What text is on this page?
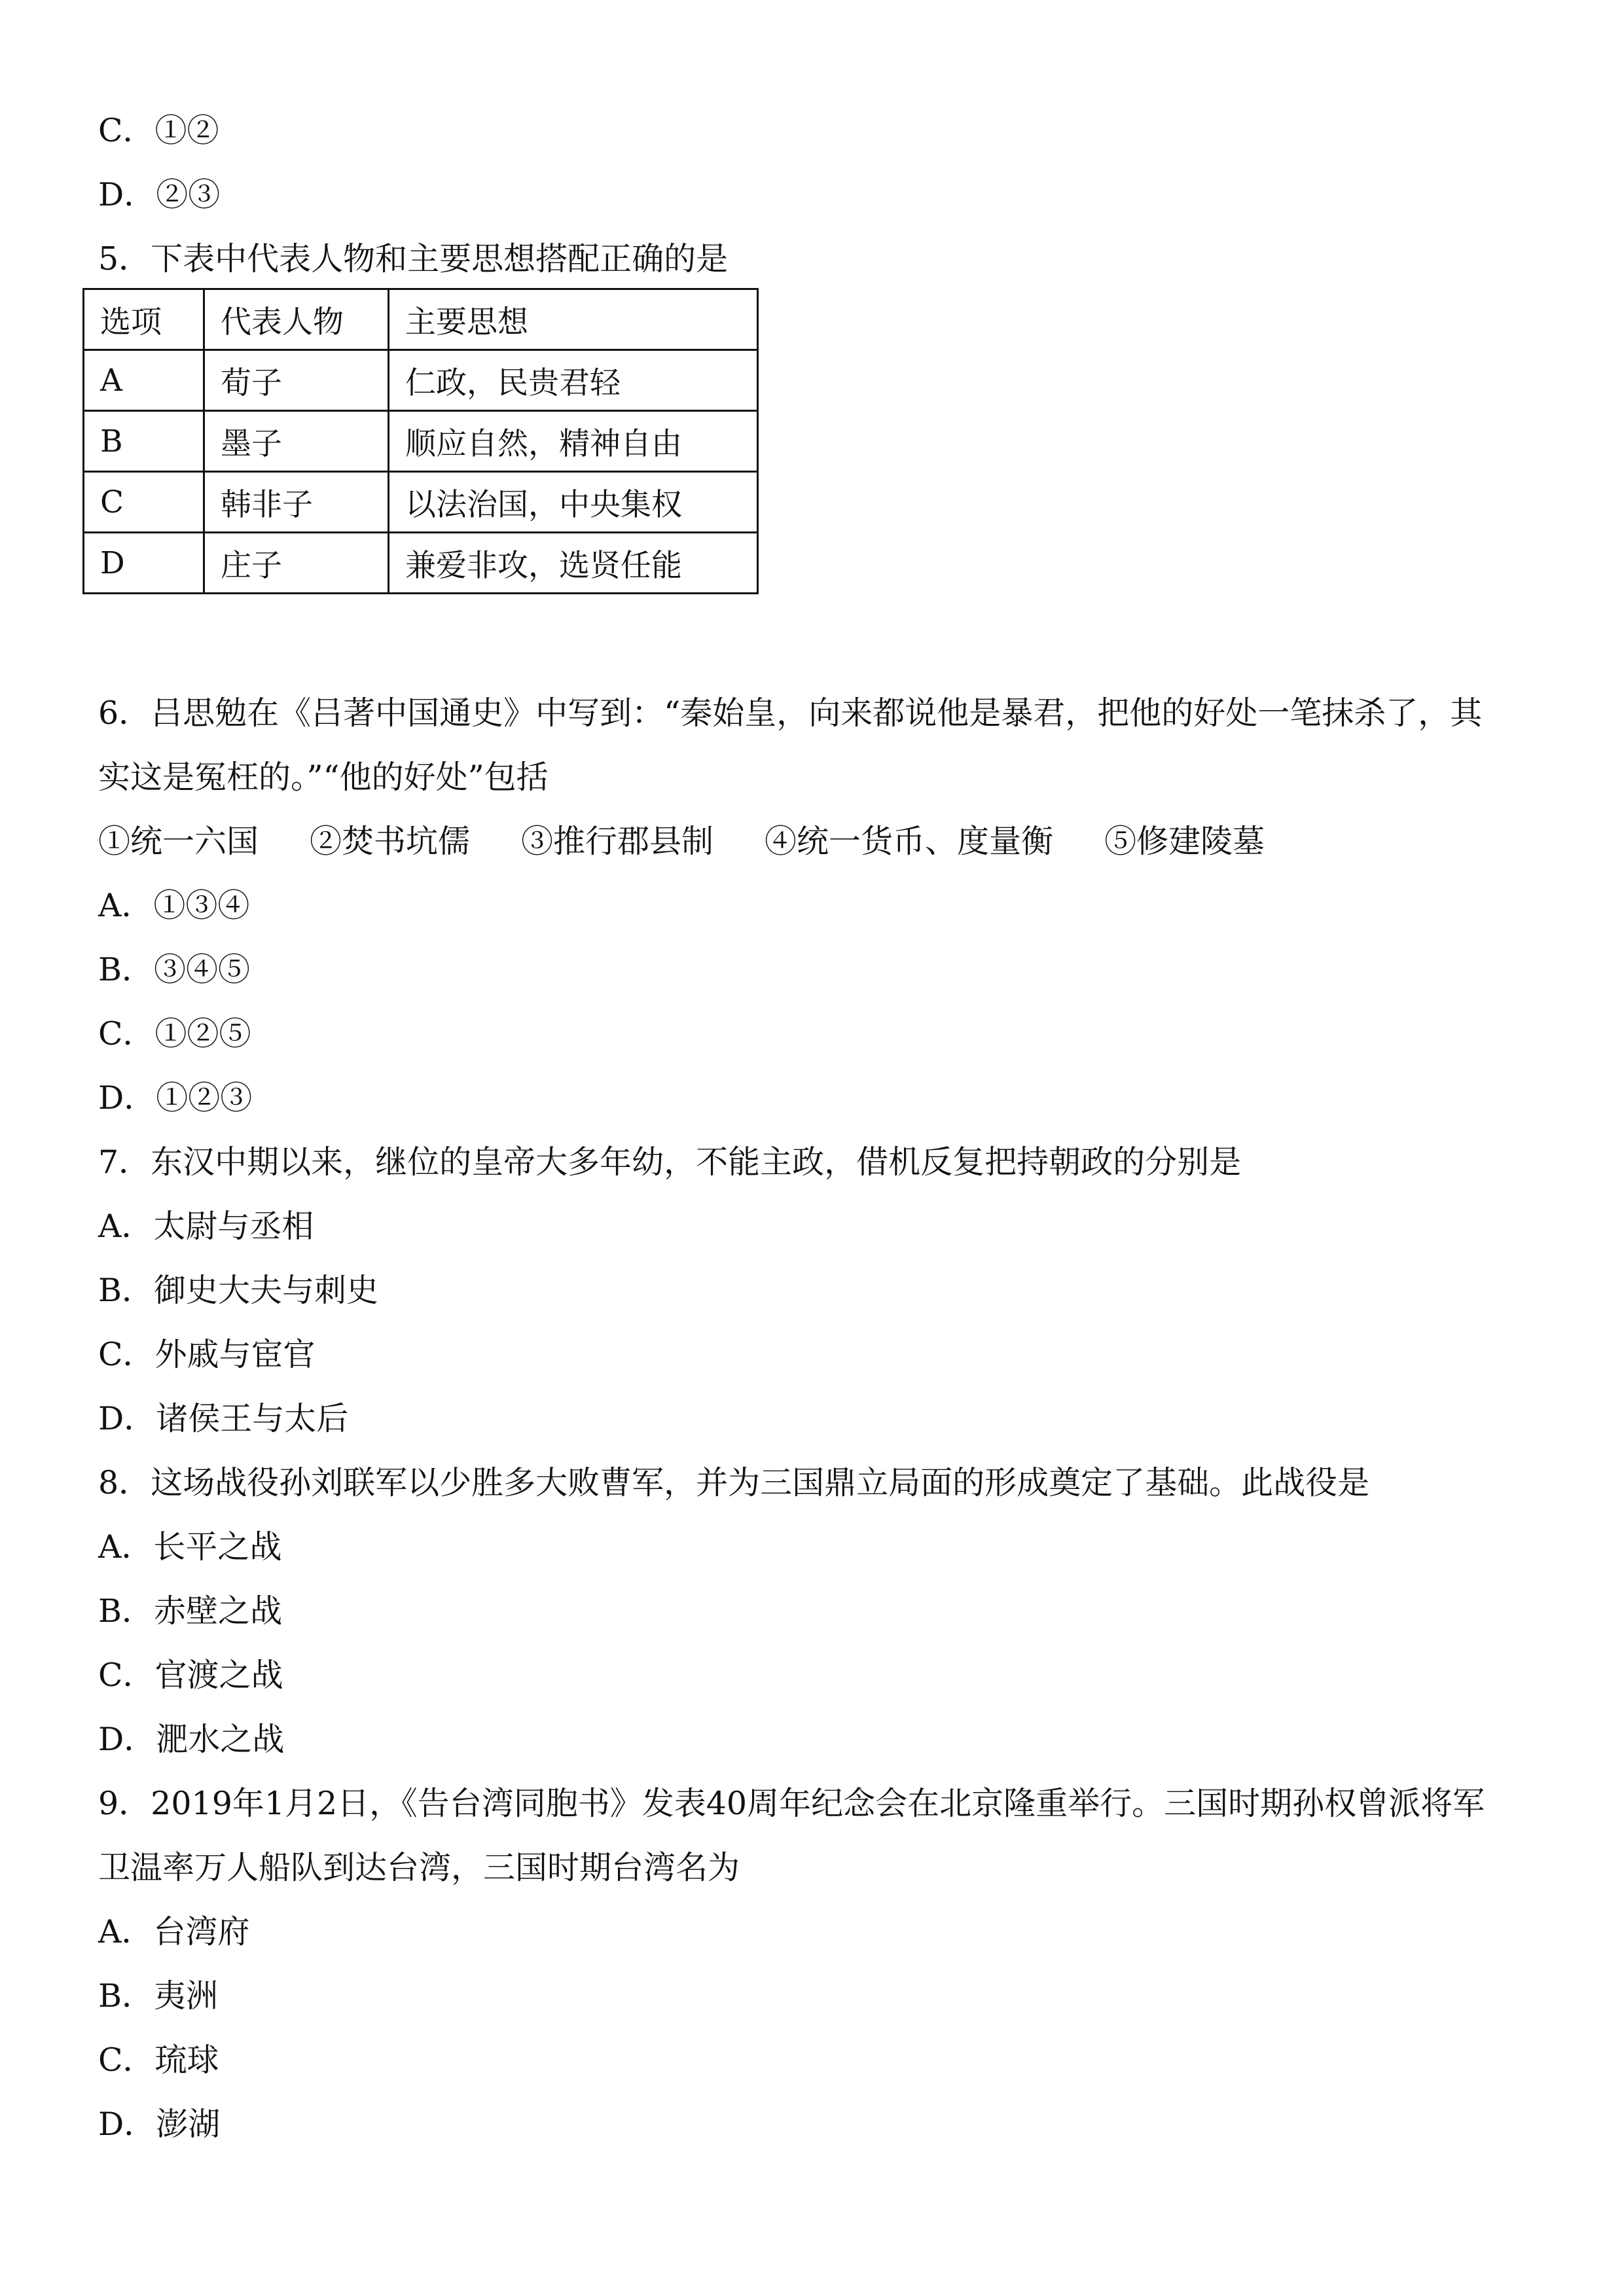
C．①②

D．②③

5．下表中代表人物和主要思想搭配正确的是

选项	代表人物	主要思想
A	荀子	仁政，民贵君轻
B	墨子	顺应自然，精神自由
C	韩非子	以法治国，中央集权
D	庄子	兼爱非攻，选贤任能

6．吕思勉在《吕著中国通史》中写到：“秦始皇，向来都说他是暴君，把他的好处一笔抹杀了，其

实这是冤枉的。”“他的好处”包括

①统一六国 ②焚书坑儒 ③推行郡县制 ④统一货币、度量衡 ⑤修建陵墓

A．①③④

B．③④⑤

C．①②⑤

D．①②③

7．东汉中期以来，继位的皇帝大多年幼，不能主政，借机反复把持朝政的分别是

A．太尉与丞相

B．御史大夫与刺史

C．外戚与宦官

D．诸侯王与太后

8．这场战役孙刘联军以少胜多大败曹军，并为三国鼎立局面的形成奠定了基础。此战役是

A．长平之战

B．赤壁之战

C．官渡之战

D．淝水之战

9．2019年1月2日，《告台湾同胞书》发表40周年纪念会在北京隆重举行。三国时期孙权曾派将军

卫温率万人船队到达台湾，三国时期台湾名为

A．台湾府

B．夷洲

C．琉球

D．澎湖
